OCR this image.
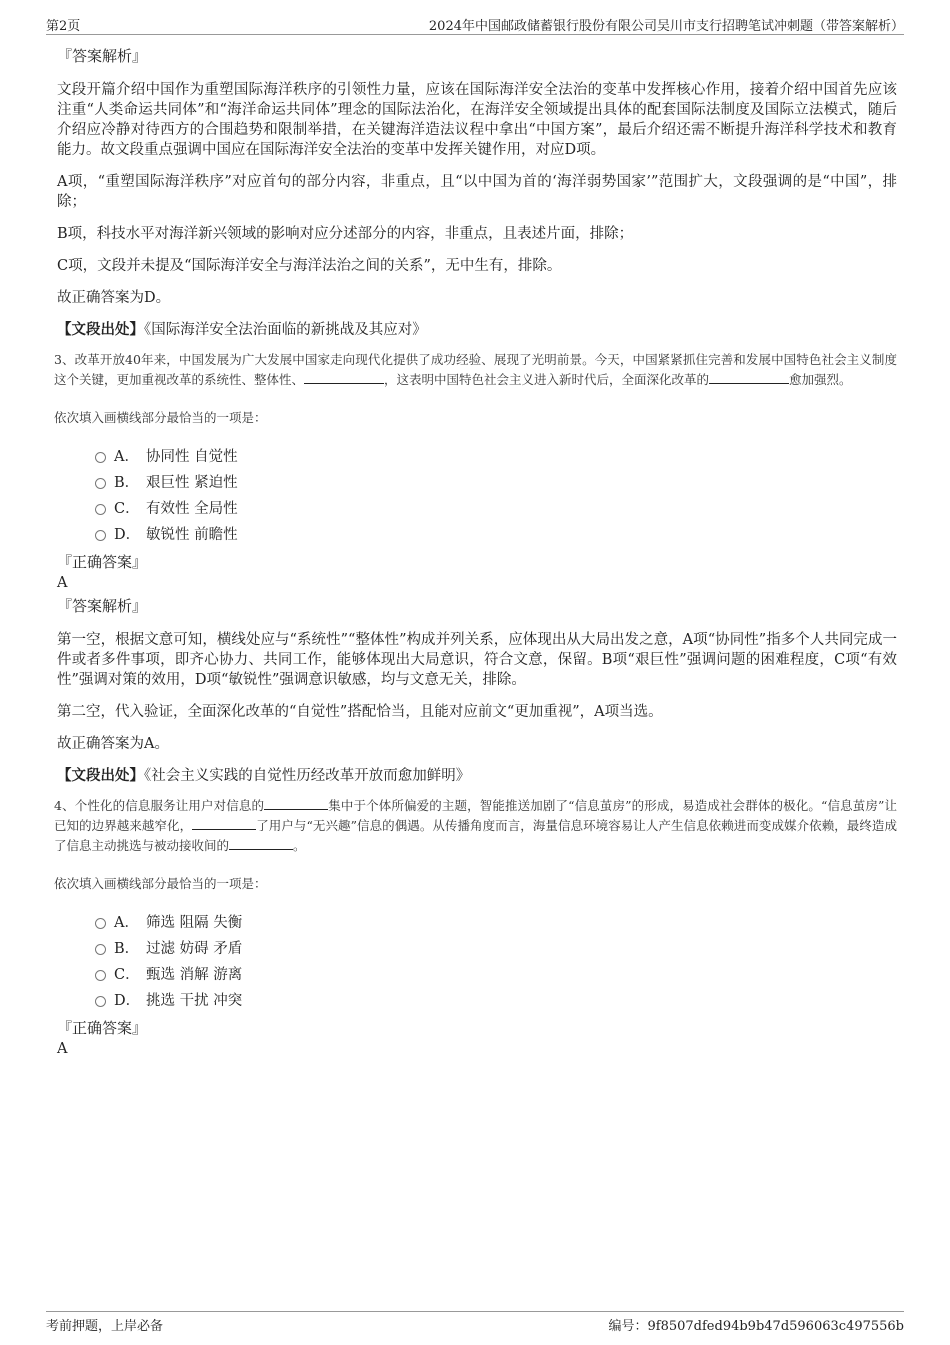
第2页	2024年中国邮政储蓄银行股份有限公司吴川市支行招聘笔试冲刺题（带答案解析）
『答案解析』

文段开篇介绍中国作为重塑国际海洋秩序的引领性力量，应该在国际海洋安全法治的变革中发挥核心作用，接着介绍中国首先应该注重“人类命运共同体”和“海洋命运共同体”理念的国际法治化，在海洋安全领域提出具体的配套国际法制度及国际立法模式，随后介绍应冷静对待西方的合围趋势和限制举措，在关键海洋造法议程中拿出“中国方案”，最后介绍还需不断提升海洋科学技术和教育能力。故文段重点强调中国应在国际海洋安全法治的变革中发挥关键作用，对应D项。

A项，“重塑国际海洋秩序”对应首句的部分内容，非重点，且“以中国为首的‘海洋弱势国家’”范围扩大，文段强调的是“中国”，排除；

B项，科技水平对海洋新兴领域的影响对应分述部分的内容，非重点，且表述片面，排除；

C项，文段并未提及“国际海洋安全与海洋法治之间的关系”，无中生有，排除。

故正确答案为D。

【文段出处】《国际海洋安全法治面临的新挑战及其应对》

3、改革开放40年来，中国发展为广大发展中国家走向现代化提供了成功经验、展现了光明前景。今天，中国紧紧抓住完善和发展中国特色社会主义制度这个关键，更加重视改革的系统性、整体性、	，这表明中国特色社会主义进入新时代后，全面深化改革的	愈加强烈。

依次填入画横线部分最恰当的一项是：
A． 协同性 自觉性
B． 艰巨性 紧迫性
C． 有效性 全局性
D． 敏锐性 前瞻性
『正确答案』
A
『答案解析』

第一空，根据文意可知，横线处应与“系统性”“整体性”构成并列关系，应体现出从大局出发之意，A项“协同性”指多个人共同完成一件或者多件事项，即齐心协力、共同工作，能够体现出大局意识，符合文意，保留。B项“艰巨性”强调问题的困难程度，C项“有效性”强调对策的效用，D项“敏锐性”强调意识敏感，均与文意无关，排除。

第二空，代入验证，全面深化改革的“自觉性”搭配恰当，且能对应前文“更加重视”，A项当选。

故正确答案为A。

【文段出处】《社会主义实践的自觉性历经改革开放而愈加鲜明》

4、个性化的信息服务让用户对信息的	集中于个体所偏爱的主题，智能推送加剧了“信息茧房”的形成，易造成社会群体的极化。“信息茧房”让已知的边界越来越窄化，	了用户与“无兴趣”信息的偶遇。从传播角度而言，海量信息环境容易让人产生信息依赖进而变成媒介依赖，最终造成了信息主动挑选与被动接收间的	。

依次填入画横线部分最恰当的一项是：
A． 筛选 阻隔 失衡
B． 过滤 妨碍 矛盾
C． 甄选 消解 游离
D． 挑选 干扰 冲突
『正确答案』
A
考前押题，上岸必备	编号：9f8507dfed94b9b47d596063c497556b
